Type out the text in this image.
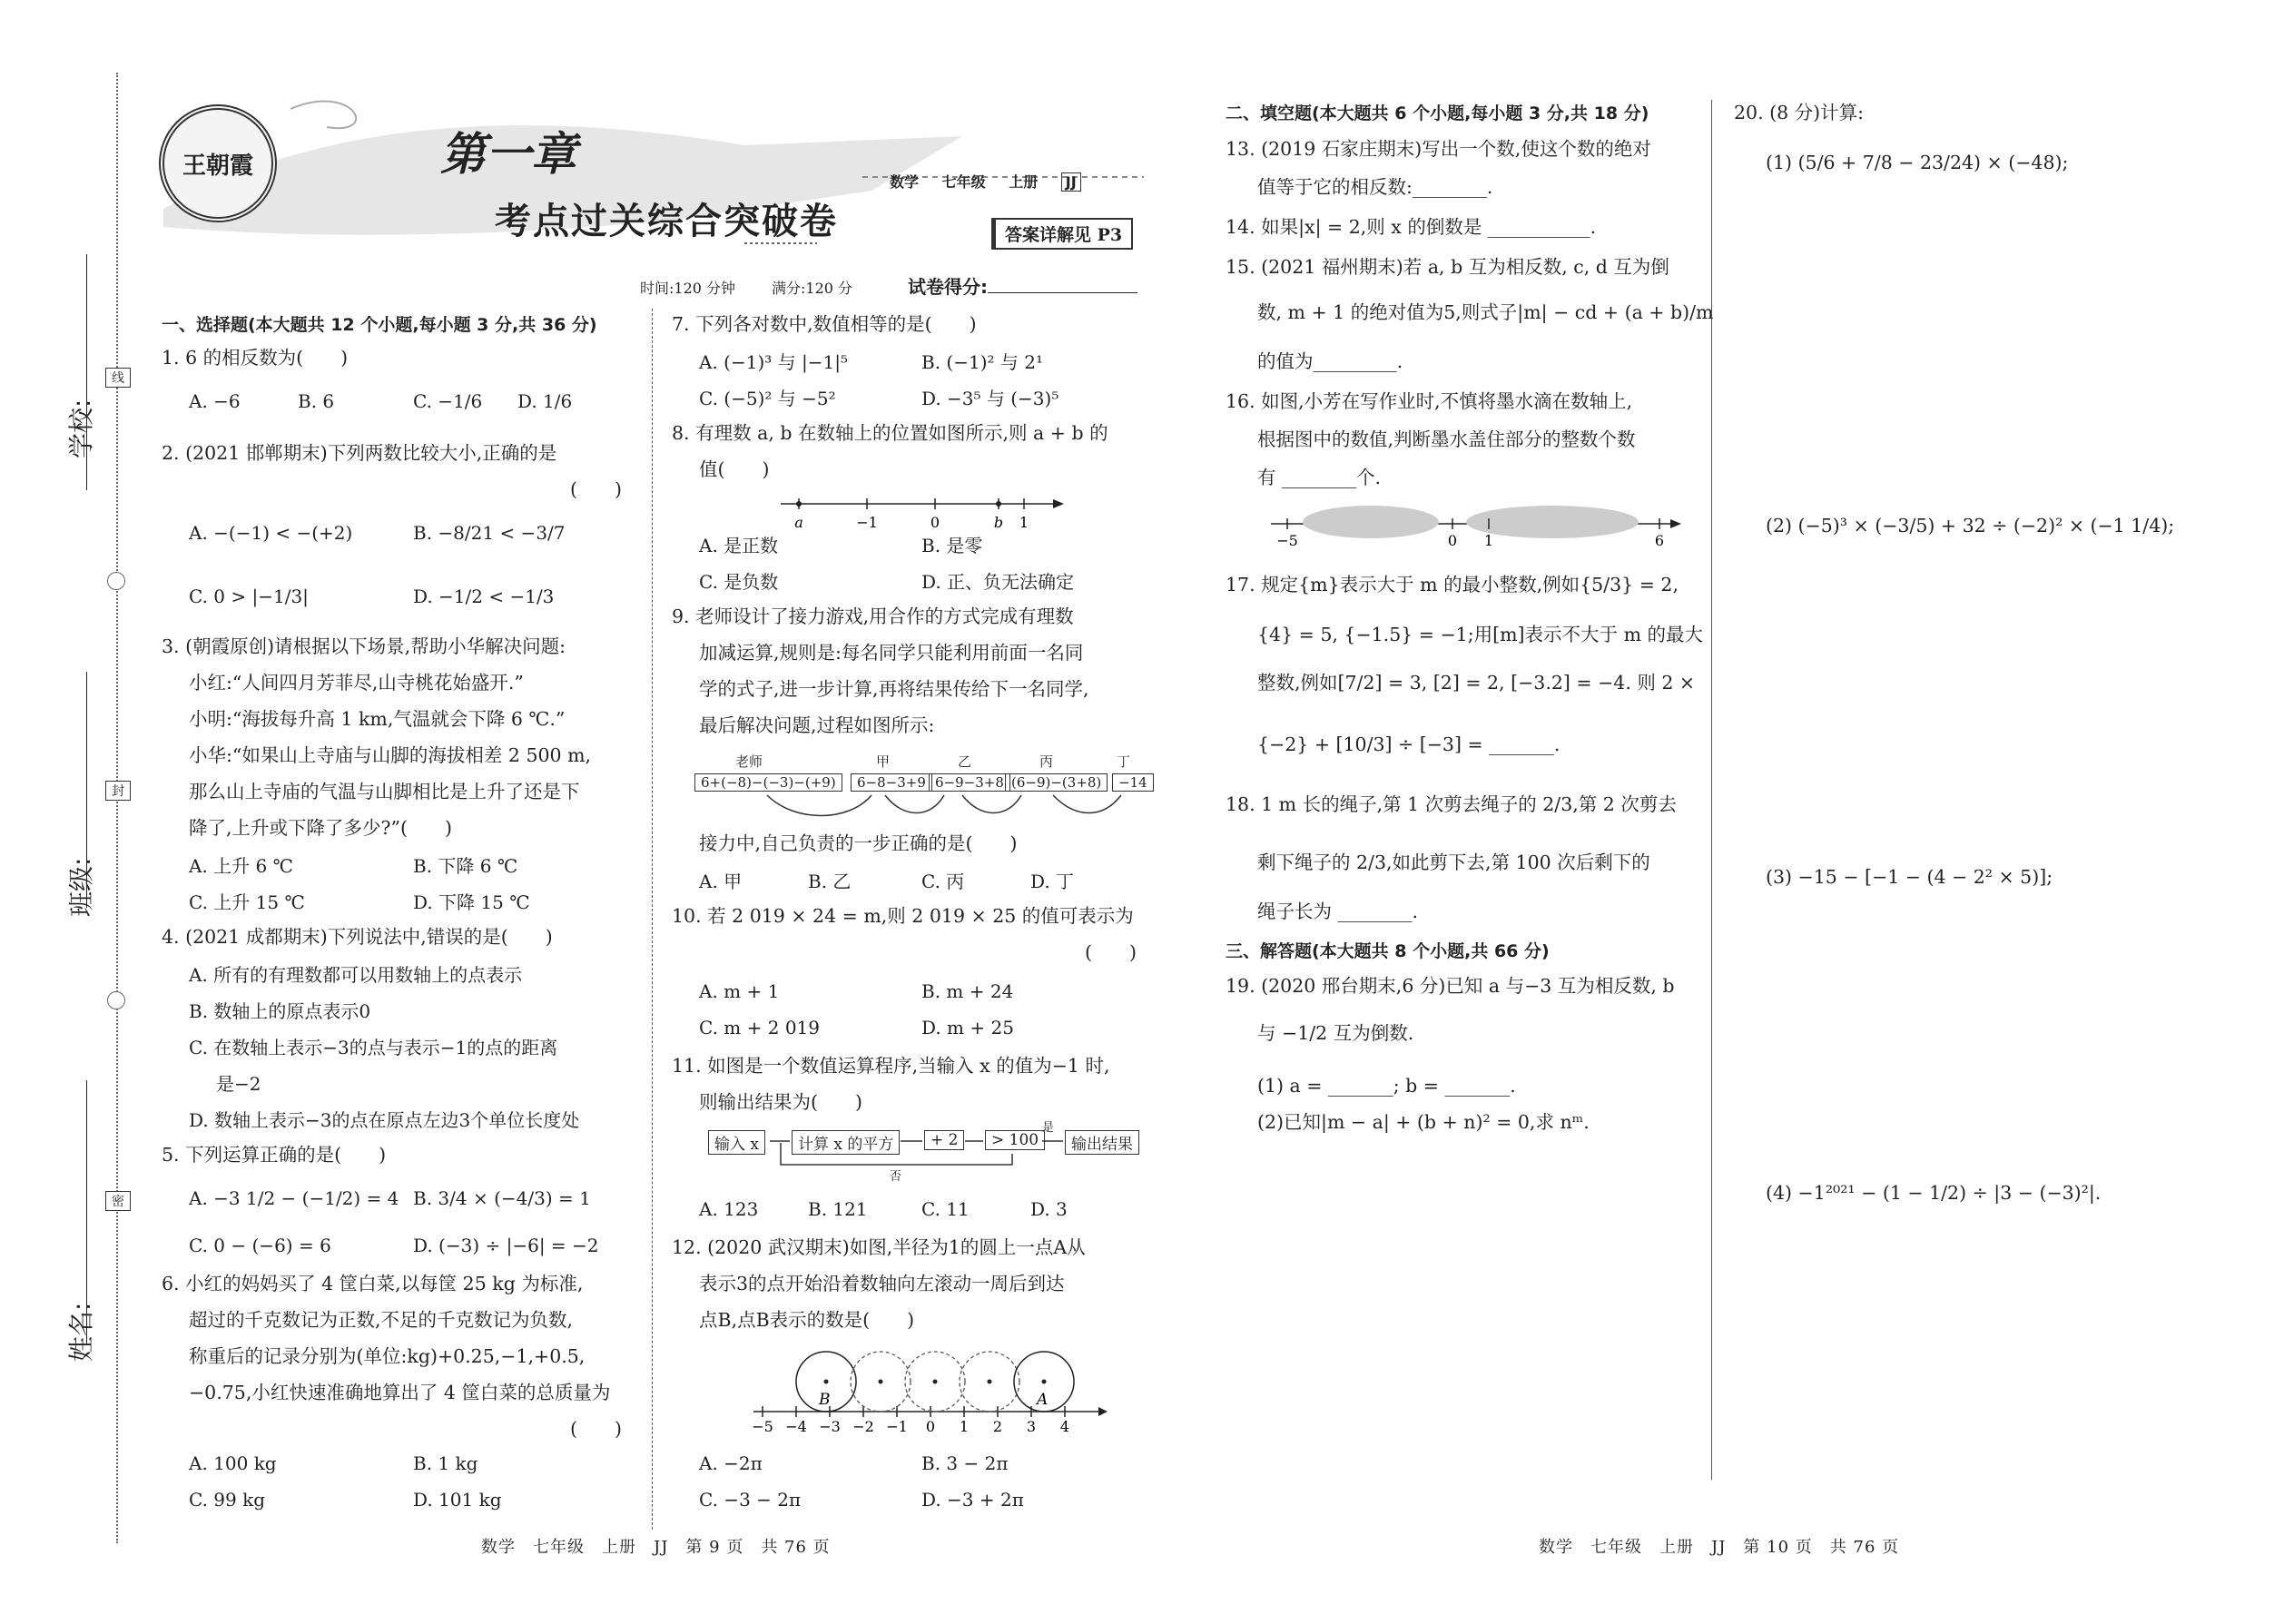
学校:
班级:
姓名:
线
封
密
王朝霞	第一章
考点过关综合突破卷
数学 七年级 上册 JJ
答案详解见 P3
时间:120 分钟 满分:120 分	试卷得分:
一、选择题(本大题共 12 个小题,每小题 3 分,共 36 分)
1. 6 的相反数为(　　)
A. −6	B. 6	C. −1/6 D. 1/6
2. (2021 邯郸期末)下列两数比较大小,正确的是
(　　)
A. −(−1) < −(+2)	B. −8/21 < −3/7
C. 0 > |−1/3|	D. −1/2 < −1/3
3. (朝霞原创)请根据以下场景,帮助小华解决问题:
小红:“人间四月芳菲尽,山寺桃花始盛开.”
小明:“海拔每升高 1 km,气温就会下降 6 ℃.”
小华:“如果山上寺庙与山脚的海拔相差 2 500 m,
那么山上寺庙的气温与山脚相比是上升了还是下
降了,上升或下降了多少?”(　　)
A. 上升 6 ℃	B. 下降 6 ℃
C. 上升 15 ℃	D. 下降 15 ℃
4. (2021 成都期末)下列说法中,错误的是(　　)
A. 所有的有理数都可以用数轴上的点表示
B. 数轴上的原点表示0
C. 在数轴上表示−3的点与表示−1的点的距离
是−2
D. 数轴上表示−3的点在原点左边3个单位长度处
5. 下列运算正确的是(　　)
A. −3 1/2 − (−1/2) = 4 B. 3/4 × (−4/3) = 1
C. 0 − (−6) = 6	D. (−3) ÷ |−6| = −2
6. 小红的妈妈买了 4 筐白菜,以每筐 25 kg 为标准,
超过的千克数记为正数,不足的千克数记为负数,
称重后的记录分别为(单位:kg)+0.25,−1,+0.5,
−0.75,小红快速准确地算出了 4 筐白菜的总质量为
(　　)
A. 100 kg	B. 1 kg
C. 99 kg	D. 101 kg
7. 下列各对数中,数值相等的是(　　)
A. (−1)³ 与 |−1|⁵	B. (−1)² 与 2¹
C. (−5)² 与 −5²	D. −3⁵ 与 (−3)⁵
8. 有理数 a, b 在数轴上的位置如图所示,则 a + b 的
值(　　)
a	−1	0	b 1
A. 是正数	B. 是零
C. 是负数	D. 正、负无法确定
9. 老师设计了接力游戏,用合作的方式完成有理数
加减运算,规则是:每名同学只能利用前面一名同
学的式子,进一步计算,再将结果传给下一名同学,
最后解决问题,过程如图所示:
老师	甲	乙	丙	丁
6+(−8)−(−3)−(+9)	6−8−3+9 6−9−3+8 (6−9)−(3+8)	−14
接力中,自己负责的一步正确的是(　　)
A. 甲	B. 乙	C. 丙	D. 丁
10. 若 2 019 × 24 = m,则 2 019 × 25 的值可表示为
(　　)
A. m + 1	B. m + 24
C. m + 2 019	D. m + 25
11. 如图是一个数值运算程序,当输入 x 的值为−1 时,
则输出结果为(　　)
输入 x	计算 x 的平方	+ 2	> 100	输出结果
是
否
A. 123	B. 121	C. 11	D. 3
12. (2020 武汉期末)如图,半径为1的圆上一点A从
表示3的点开始沿着数轴向左滚动一周后到达
点B,点B表示的数是(　　)
−5 −4 −3 −2 −1 0 1 2 3 4
B	A
A. −2π	B. 3 − 2π
C. −3 − 2π	D. −3 + 2π
数学　七年级　上册　JJ　第 9 页　共 76 页
二、填空题(本大题共 6 个小题,每小题 3 分,共 18 分)
13. (2019 石家庄期末)写出一个数,使这个数的绝对
值等于它的相反数:________.
14. 如果|x| = 2,则 x 的倒数是 ___________.
15. (2021 福州期末)若 a, b 互为相反数, c, d 互为倒
数, m + 1 的绝对值为5,则式子|m| − cd + (a + b)/m
的值为_________.
16. 如图,小芳在写作业时,不慎将墨水滴在数轴上,
根据图中的数值,判断墨水盖住部分的整数个数
有 ________个.
−5	0 1	6
17. 规定{m}表示大于 m 的最小整数,例如{5/3} = 2,
{4} = 5, {−1.5} = −1;用[m]表示不大于 m 的最大
整数,例如[7/2] = 3, [2] = 2, [−3.2] = −4. 则 2 ×
{−2} + [10/3] ÷ [−3] = _______.
18. 1 m 长的绳子,第 1 次剪去绳子的 2/3,第 2 次剪去
剩下绳子的 2/3,如此剪下去,第 100 次后剩下的
绳子长为 ________.
三、解答题(本大题共 8 个小题,共 66 分)
19. (2020 邢台期末,6 分)已知 a 与−3 互为相反数, b
与 −1/2 互为倒数.
(1) a = _______; b = _______.
(2)已知|m − a| + (b + n)² = 0,求 nᵐ.
20. (8 分)计算:
(1) (5/6 + 7/8 − 23/24) × (−48);
(2) (−5)³ × (−3/5) + 32 ÷ (−2)² × (−1 1/4);
(3) −15 − [−1 − (4 − 2² × 5)];
(4) −1²⁰²¹ − (1 − 1/2) ÷ |3 − (−3)²|.
数学　七年级　上册　JJ　第 10 页　共 76 页
